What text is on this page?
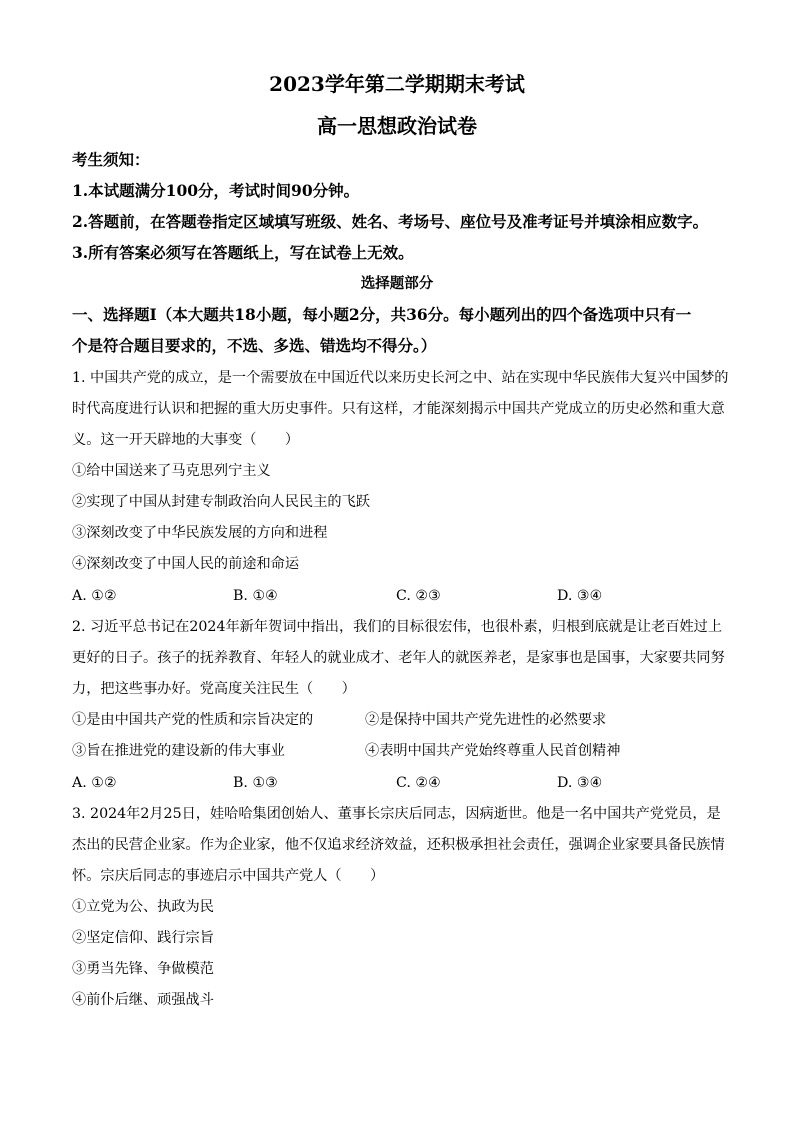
2023学年第二学期期末考试
高一思想政治试卷
考生须知：
1.本试题满分100分，考试时间90分钟。
2.答题前，在答题卷指定区域填写班级、姓名、考场号、座位号及准考证号并填涂相应数字。
3.所有答案必须写在答题纸上，写在试卷上无效。
选择题部分
一、选择题Ⅰ（本大题共18小题，每小题2分，共36分。每小题列出的四个备选项中只有一
个是符合题目要求的，不选、多选、错选均不得分。）
1. 中国共产党的成立，是一个需要放在中国近代以来历史长河之中、站在实现中华民族伟大复兴中国梦的
时代高度进行认识和把握的重大历史事件。只有这样，才能深刻揭示中国共产党成立的历史必然和重大意
义。这一开天辟地的大事变（　　）
①给中国送来了马克思列宁主义
②实现了中国从封建专制政治向人民民主的飞跃
③深刻改变了中华民族发展的方向和进程
④深刻改变了中国人民的前途和命运
A. ①②	B. ①④	C. ②③	D. ③④
2. 习近平总书记在2024年新年贺词中指出，我们的目标很宏伟，也很朴素，归根到底就是让老百姓过上
更好的日子。孩子的抚养教育、年轻人的就业成才、老年人的就医养老，是家事也是国事，大家要共同努
力，把这些事办好。党高度关注民生（　　）
①是由中国共产党的性质和宗旨决定的	②是保持中国共产党先进性的必然要求
③旨在推进党的建设新的伟大事业	④表明中国共产党始终尊重人民首创精神
A. ①②	B. ①③	C. ②④	D. ③④
3. 2024年2月25日，娃哈哈集团创始人、董事长宗庆后同志，因病逝世。他是一名中国共产党党员，是
杰出的民营企业家。作为企业家，他不仅追求经济效益，还积极承担社会责任，强调企业家要具备民族情
怀。宗庆后同志的事迹启示中国共产党人（　　）
①立党为公、执政为民
②坚定信仰、践行宗旨
③勇当先锋、争做模范
④前仆后继、顽强战斗
